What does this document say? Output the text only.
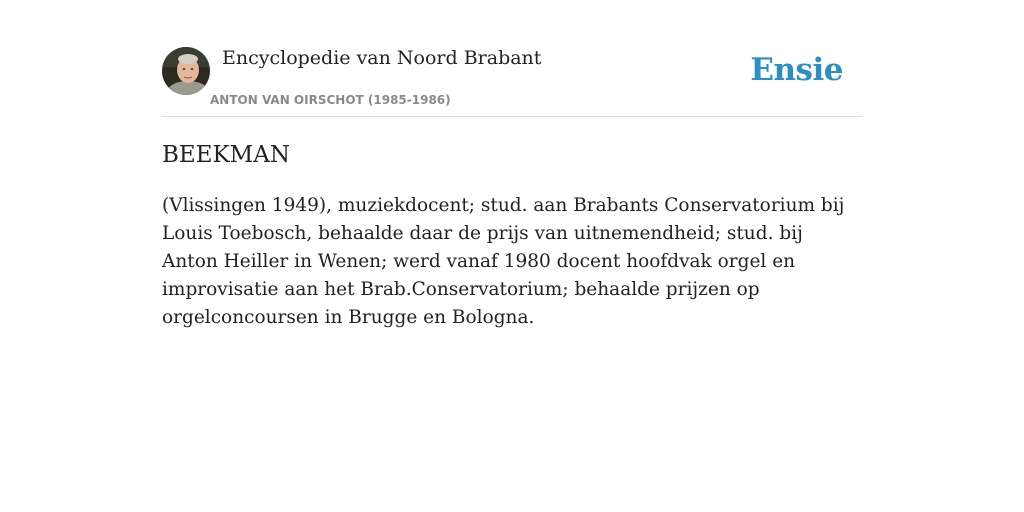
Encyclopedie van Noord Brabant
ANTON VAN OIRSCHOT (1985-1986)
Ensie
BEEKMAN

(Vlissingen 1949), muziekdocent; stud. aan Brabants Conservatorium bij Louis Toebosch, behaalde daar de prijs van uitnemendheid; stud. bij Anton Heiller in Wenen; werd vanaf 1980 docent hoofdvak orgel en improvisatie aan het Brab.Conservatorium; behaalde prijzen op orgelconcoursen in Brugge en Bologna.
